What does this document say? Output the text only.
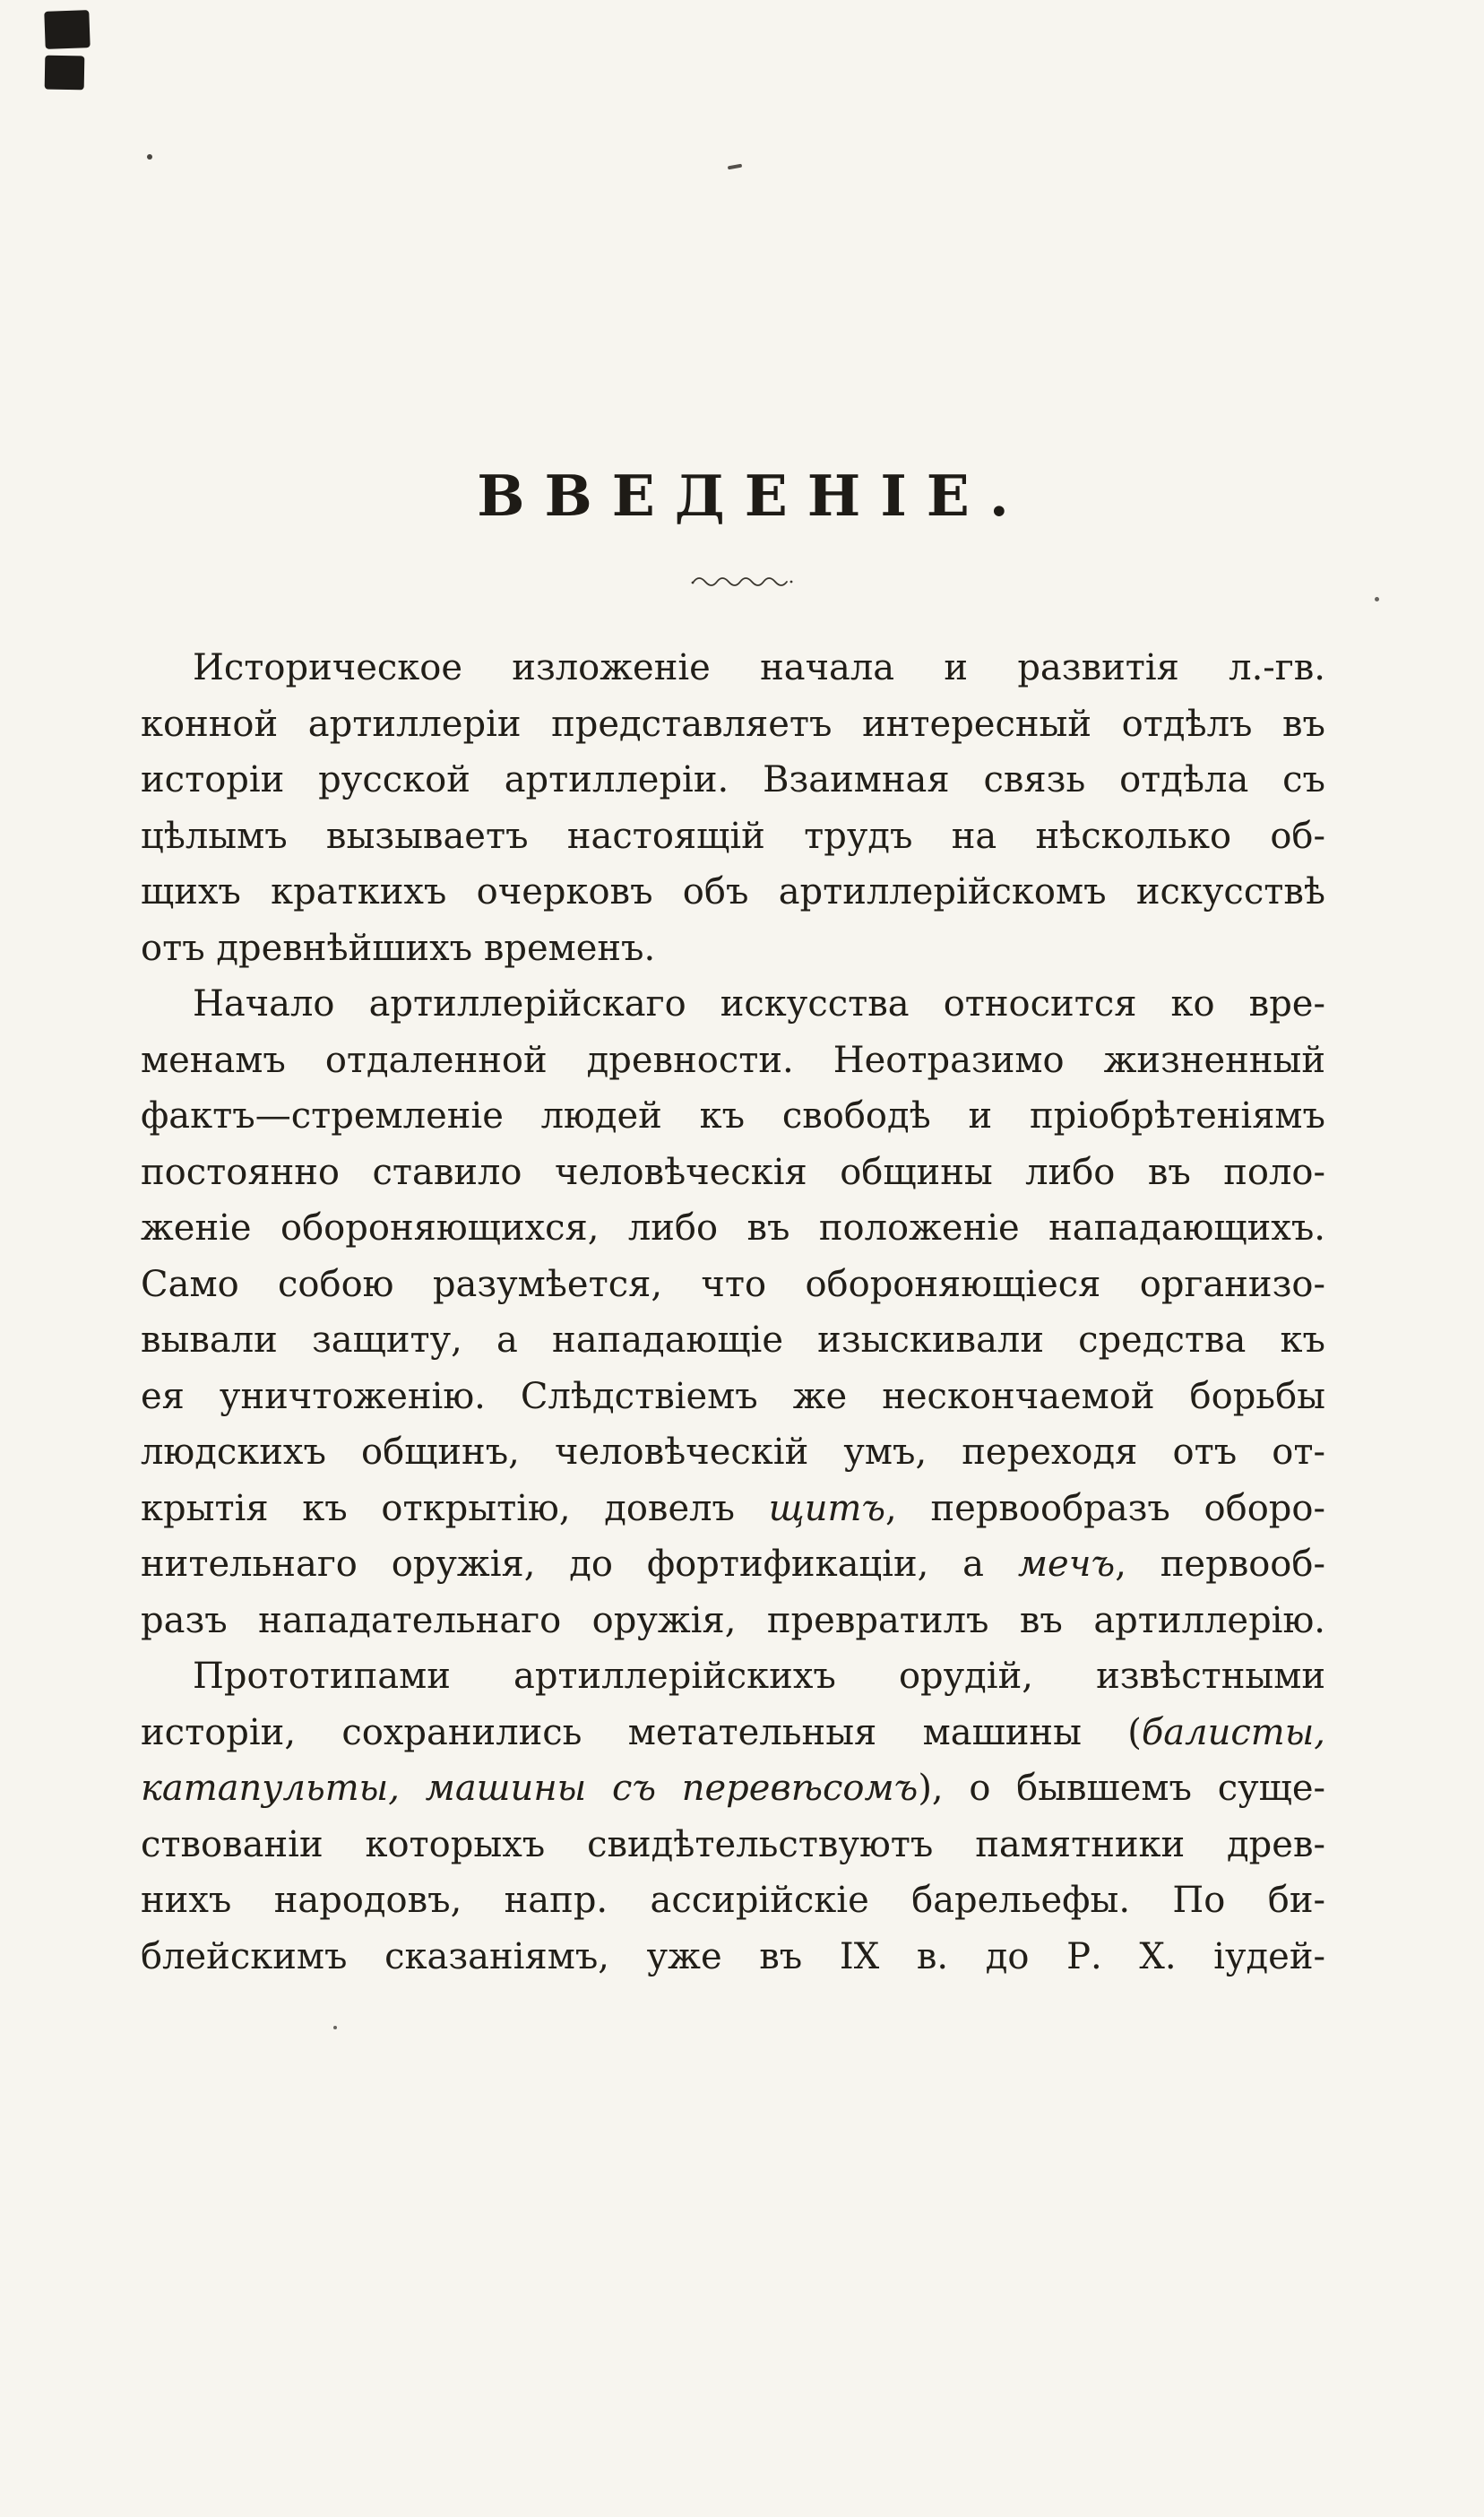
ВВЕДЕНІЕ.
Историческое изложеніе начала и развитія л.-гв.
конной артиллеріи представляетъ интересный отдѣлъ въ
исторіи русской артиллеріи. Взаимная связь отдѣла съ
цѣлымъ вызываетъ настоящій трудъ на нѣсколько об-
щихъ краткихъ очерковъ объ артиллерійскомъ искусствѣ
отъ древнѣйшихъ временъ.
Начало артиллерійскаго искусства относится ко вре-
менамъ отдаленной древности. Неотразимо жизненный
фактъ—стремленіе людей къ свободѣ и пріобрѣтеніямъ
постоянно ставило человѣческія общины либо въ поло-
женіе обороняющихся, либо въ положеніе нападающихъ.
Само собою разумѣется, что обороняющіеся организо-
вывали защиту, а нападающіе изыскивали средства къ
ея уничтоженію. Слѣдствіемъ же нескончаемой борьбы
людскихъ общинъ, человѣческій умъ, переходя отъ от-
крытія къ открытію, довелъ щитъ, первообразъ оборо-
нительнаго оружія, до фортификаціи, а мечъ, первооб-
разъ нападательнаго оружія, превратилъ въ артиллерію.
Прототипами артиллерійскихъ орудій, извѣстными
исторіи, сохранились метательныя машины (балисты,
катапульты, машины съ перевѣсомъ), о бывшемъ суще-
ствованіи которыхъ свидѣтельствуютъ памятники древ-
нихъ народовъ, напр. ассирійскіе барельефы. По би-
блейскимъ сказаніямъ, уже въ IX в. до Р. Х. іудей-
